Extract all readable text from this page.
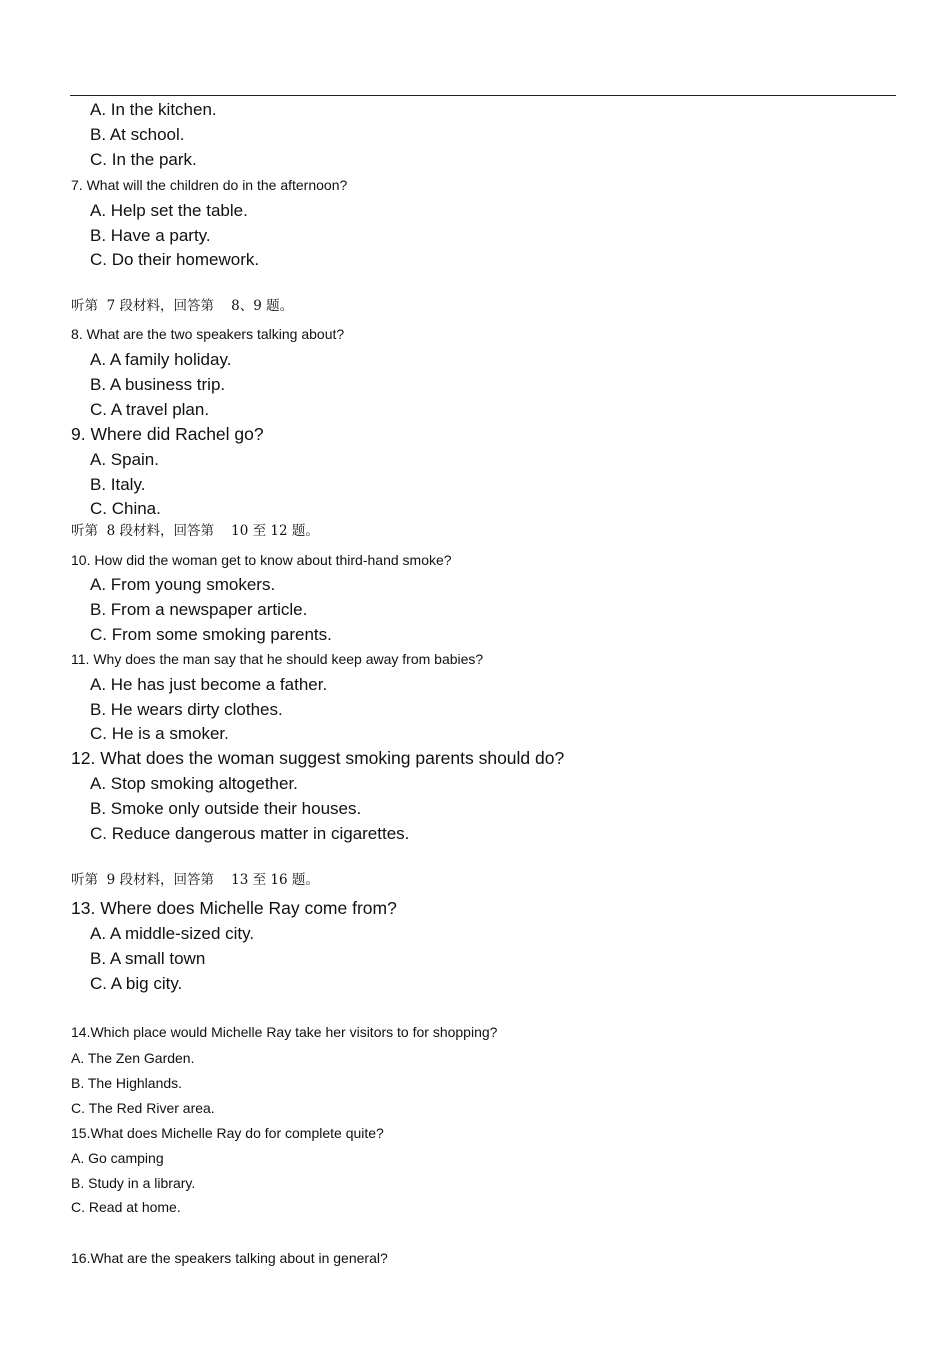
A. In the kitchen.
B. At school.
C. In the park.
7. What will the children do in the afternoon?
A. Help set the table.
B. Have a party.
C. Do their homework.
听第  7 段材料，回答第    8、9 题。
8. What are the two speakers talking about?
A. A family holiday.
B. A business trip.
C. A travel plan.
9. Where did Rachel go?
A. Spain.
B. Italy.
C. China.
听第  8 段材料，回答第    10 至 12 题。
10. How did the woman get to know about third-hand smoke?
A. From young smokers.
B. From a newspaper article.
C. From some smoking parents.
11. Why does the man say that he should keep away from babies?
A. He has just become a father.
B. He wears dirty clothes.
C. He is a smoker.
12. What does the woman suggest smoking parents should do?
A. Stop smoking altogether.
B. Smoke only outside their houses.
C. Reduce dangerous matter in cigarettes.
听第  9 段材料，回答第    13 至 16 题。
13. Where does Michelle Ray come from?
A. A middle-sized city.
B. A small town
C. A big city.
14.Which place would Michelle Ray take her visitors to for shopping?
A. The Zen Garden.
B. The Highlands.
C. The Red River area.
15.What does Michelle Ray do for complete quite?
A. Go camping
B. Study in a library.
C. Read at home.
16.What are the speakers talking about in general?
